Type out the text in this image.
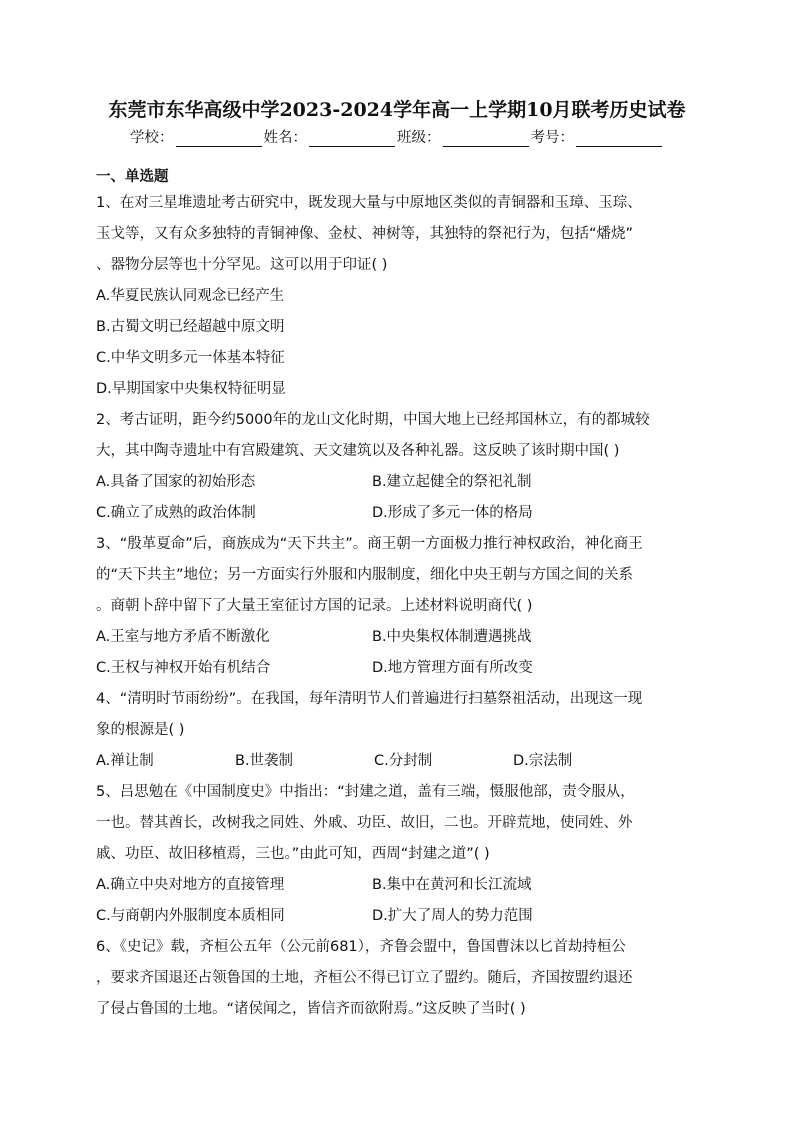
东莞市东华高级中学2023-2024学年高一上学期10月联考历史试卷
学校：	姓名：	班级：	考号：
一、单选题

1、在对三星堆遗址考古研究中，既发现大量与中原地区类似的青铜器和玉璋、玉琮、

玉戈等，又有众多独特的青铜神像、金杖、神树等，其独特的祭祀行为，包括“燔烧”

、器物分层等也十分罕见。这可以用于印证( )

A.华夏民族认同观念已经产生

B.古蜀文明已经超越中原文明

C.中华文明多元一体基本特征

D.早期国家中央集权特征明显

2、考古证明，距今约5000年的龙山文化时期，中国大地上已经邦国林立，有的都城较

大，其中陶寺遗址中有宫殿建筑、天文建筑以及各种礼器。这反映了该时期中国( )

A.具备了国家的初始形态	B.建立起健全的祭祀礼制
C.确立了成熟的政治体制	D.形成了多元一体的格局

3、“殷革夏命”后，商族成为“天下共主”。商王朝一方面极力推行神权政治，神化商王

的“天下共主”地位；另一方面实行外服和内服制度，细化中央王朝与方国之间的关系

。商朝卜辞中留下了大量王室征讨方国的记录。上述材料说明商代( )

A.王室与地方矛盾不断激化	B.中央集权体制遭遇挑战
C.王权与神权开始有机结合	D.地方管理方面有所改变

4、“清明时节雨纷纷”。在我国，每年清明节人们普遍进行扫墓祭祖活动，出现这一现

象的根源是( )

A.禅让制	B.世袭制	C.分封制	D.宗法制

5、吕思勉在《中国制度史》中指出：“封建之道，盖有三端，慑服他部，责令服从，

一也。替其酋长，改树我之同姓、外戚、功臣、故旧，二也。开辟荒地，使同姓、外

戚、功臣、故旧移植焉，三也。”由此可知，西周“封建之道”( )

A.确立中央对地方的直接管理	B.集中在黄河和长江流域
C.与商朝内外服制度本质相同	D.扩大了周人的势力范围

6、《史记》载，齐桓公五年（公元前681），齐鲁会盟中，鲁国曹沫以匕首劫持桓公

，要求齐国退还占领鲁国的土地，齐桓公不得已订立了盟约。随后，齐国按盟约退还

了侵占鲁国的土地。“诸侯闻之，皆信齐而欲附焉。”这反映了当时( )
